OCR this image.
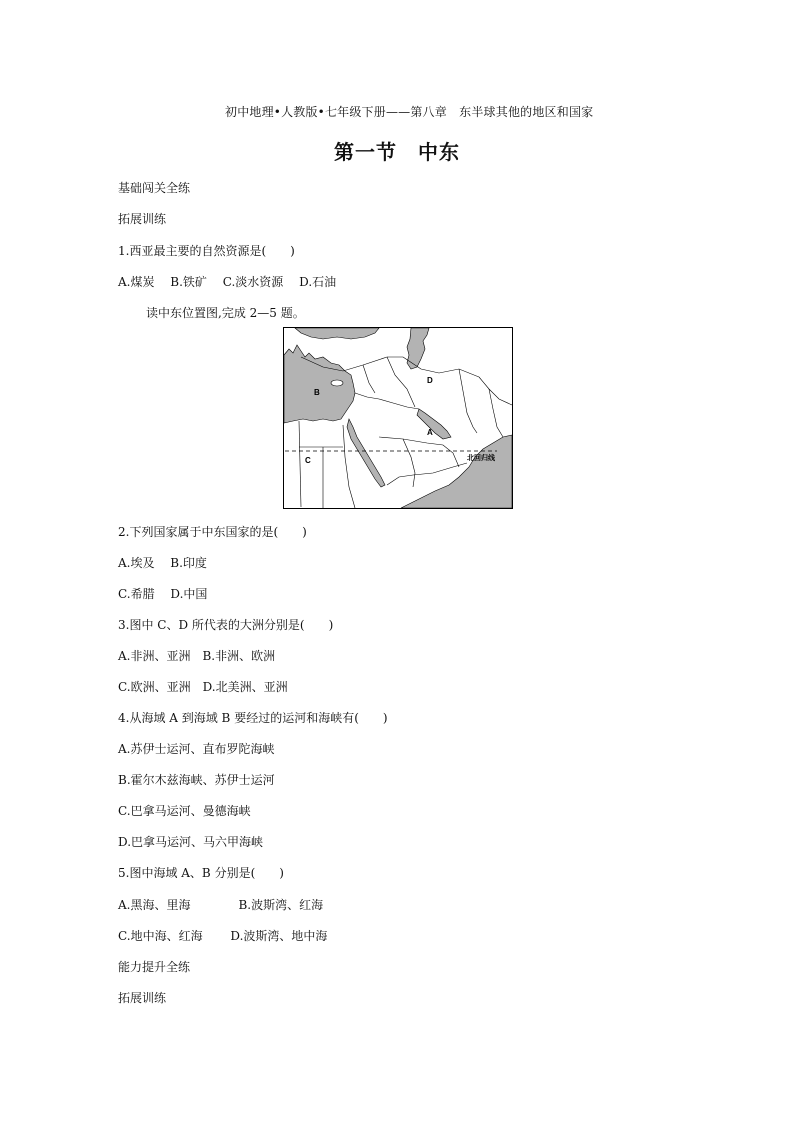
初中地理•人教版•七年级下册——第八章　东半球其他的地区和国家
第一节　中东
基础闯关全练
拓展训练
1.西亚最主要的自然资源是(　　)
A.煤炭　 B.铁矿　 C.淡水资源　 D.石油
读中东位置图,完成 2—5 题。
A
B
C
D
北回归线
2.下列国家属于中东国家的是(　　)
A.埃及　 B.印度
C.希腊　 D.中国
3.图中 C、D 所代表的大洲分别是(　　)
A.非洲、亚洲　B.非洲、欧洲
C.欧洲、亚洲　D.北美洲、亚洲
4.从海域 A 到海域 B 要经过的运河和海峡有(　　)
A.苏伊士运河、直布罗陀海峡
B.霍尔木兹海峡、苏伊士运河
C.巴拿马运河、曼德海峡
D.巴拿马运河、马六甲海峡
5.图中海域 A、B 分别是(　　)
A.黑海、里海　　　　B.波斯湾、红海
C.地中海、红海　　 D.波斯湾、地中海
能力提升全练
拓展训练
